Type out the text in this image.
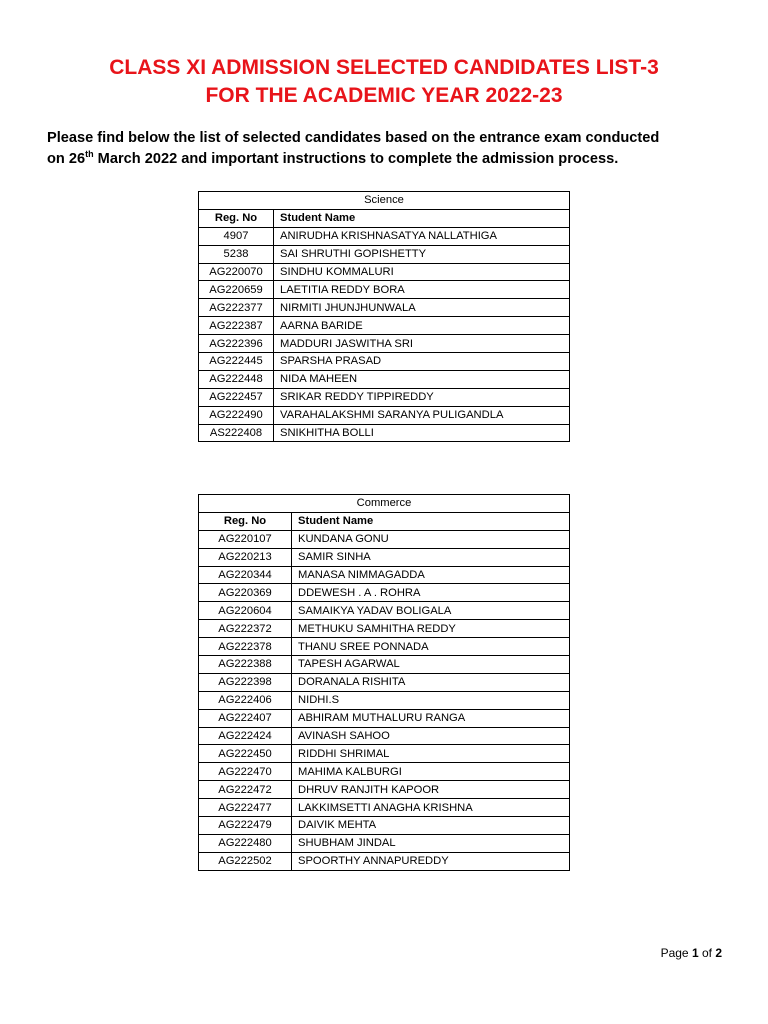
CLASS XI ADMISSION SELECTED CANDIDATES LIST-3
FOR THE ACADEMIC YEAR 2022-23
Please find below the list of selected candidates based on the entrance exam conducted
on 26th March 2022 and important instructions to complete the admission process.
Science	
Reg. No	Student Name
4907	ANIRUDHA KRISHNASATYA NALLATHIGA
5238	SAI SHRUTHI GOPISHETTY
AG220070	SINDHU KOMMALURI
AG220659	LAETITIA REDDY BORA
AG222377	NIRMITI JHUNJHUNWALA
AG222387	AARNA BARIDE
AG222396	MADDURI JASWITHA SRI
AG222445	SPARSHA PRASAD
AG222448	NIDA MAHEEN
AG222457	SRIKAR REDDY TIPPIREDDY
AG222490	VARAHALAKSHMI SARANYA PULIGANDLA
AS222408	SNIKHITHA BOLLI
Commerce	
Reg. No	Student Name
AG220107	KUNDANA GONU
AG220213	SAMIR SINHA
AG220344	MANASA NIMMAGADDA
AG220369	DDEWESH . A . ROHRA
AG220604	SAMAIKYA YADAV BOLIGALA
AG222372	METHUKU SAMHITHA REDDY
AG222378	THANU SREE PONNADA
AG222388	TAPESH AGARWAL
AG222398	DORANALA RISHITA
AG222406	NIDHI.S
AG222407	ABHIRAM MUTHALURU RANGA
AG222424	AVINASH SAHOO
AG222450	RIDDHI SHRIMAL
AG222470	MAHIMA KALBURGI
AG222472	DHRUV RANJITH KAPOOR
AG222477	LAKKIMSETTI ANAGHA KRISHNA
AG222479	DAIVIK MEHTA
AG222480	SHUBHAM JINDAL
AG222502	SPOORTHY ANNAPUREDDY
Page 1 of 2
